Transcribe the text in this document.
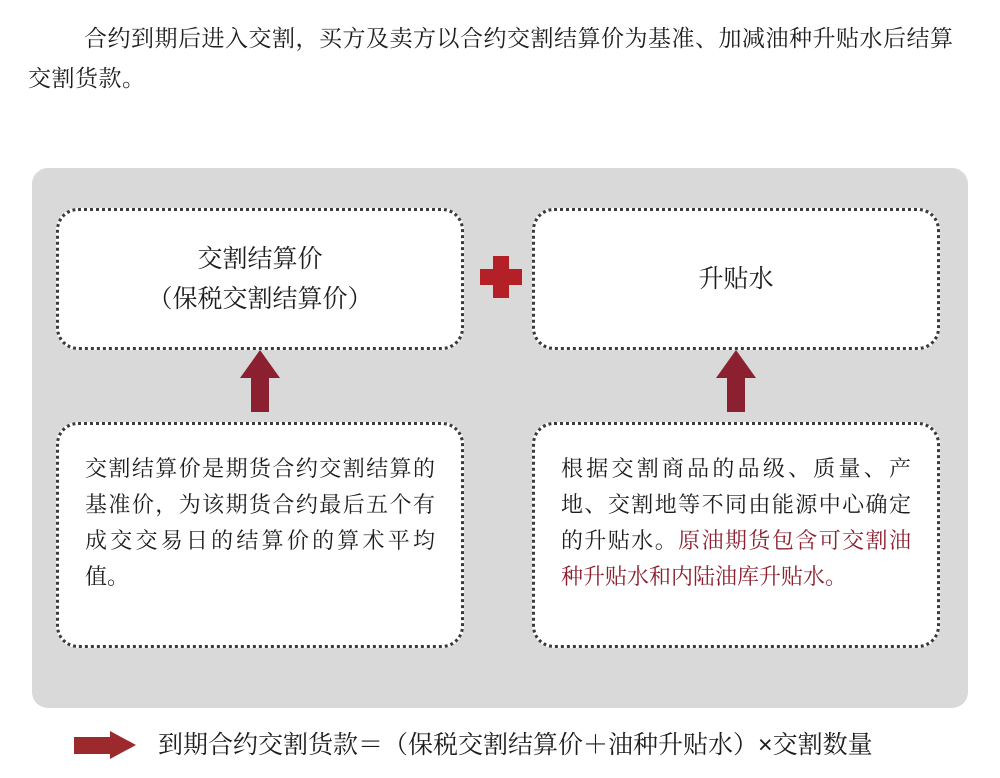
合约到期后进入交割，买方及卖方以合约交割结算价为基准、加减油种升贴水后结算交割货款。
交割结算价
（保税交割结算价）
升贴水
交割结算价是期货合约交割结算的基准价，为该期货合约最后五个有成交交易日的结算价的算术平均值。
根据交割商品的品级、质量、产地、交割地等不同由能源中心确定的升贴水。原油期货包含可交割油种升贴水和内陆油库升贴水。
到期合约交割货款＝（保税交割结算价＋油种升贴水）×交割数量
